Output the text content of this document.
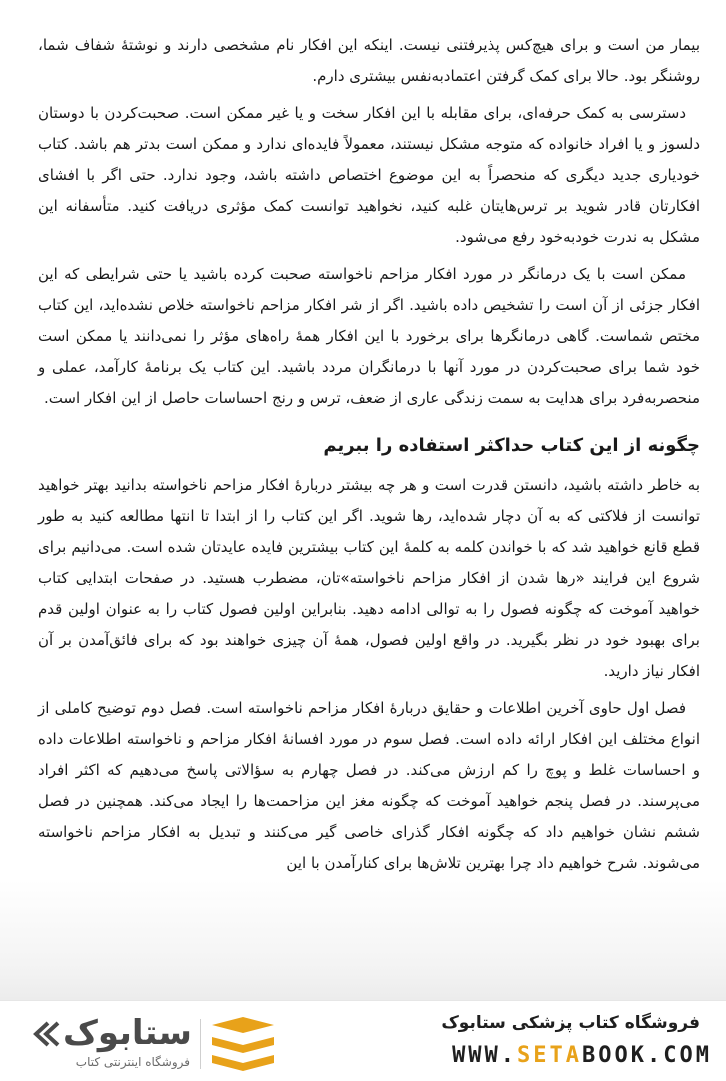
بیمار من است و برای هیچ‌کس پذیرفتنی نیست. اینکه این افکار نام مشخصی دارند و نوشتهٔ شفاف شما، روشنگر بود. حالا برای کمک گرفتن اعتمادبه‌نفس بیشتری دارم.

دسترسی به کمک حرفه‌ای، برای مقابله با این افکار سخت و یا غیر ممکن است. صحبت‌کردن با دوستان دلسوز و یا افراد خانواده که متوجه مشکل نیستند، معمولاً فایده‌ای ندارد و ممکن است بدتر هم باشد. کتاب خودیاری جدید دیگری که منحصراً به این موضوع اختصاص داشته باشد، وجود ندارد. حتی اگر با افشای افکارتان قادر شوید بر ترس‌هایتان غلبه کنید، نخواهید توانست کمک مؤثری دریافت کنید. متأسفانه این مشکل به ندرت خودبه‌خود رفع می‌شود.

ممکن است با یک درمانگر در مورد افکار مزاحم ناخواسته صحبت کرده باشید یا حتی شرایطی که این افکار جزئی از آن است را تشخیص داده باشید. اگر از شر افکار مزاحم ناخواسته خلاص نشده‌اید، این کتاب مختص شماست. گاهی درمانگرها برای برخورد با این افکار همهٔ راه‌های مؤثر را نمی‌دانند یا ممکن است خود شما برای صحبت‌کردن در مورد آنها با درمانگران مردد باشید. این کتاب یک برنامهٔ کارآمد، عملی و منحصربه‌فرد برای هدایت به سمت زندگی عاری از ضعف، ترس و رنج احساسات حاصل از این افکار است.

چگونه از این کتاب حداکثر استفاده را ببریم

به خاطر داشته باشید، دانستن قدرت است و هر چه بیشتر دربارهٔ افکار مزاحم ناخواسته بدانید بهتر خواهید توانست از فلاکتی که به آن دچار شده‌اید، رها شوید. اگر این کتاب را از ابتدا تا انتها مطالعه کنید به طور قطع قانع خواهید شد که با خواندن کلمه به کلمهٔ این کتاب بیشترین فایده عایدتان شده است. می‌دانیم برای شروع این فرایند «رها شدن از افکار مزاحم ناخواسته»تان، مضطرب هستید. در صفحات ابتدایی کتاب خواهید آموخت که چگونه فصول را به توالی ادامه دهید. بنابراین اولین فصول کتاب را به عنوان اولین قدم برای بهبود خود در نظر بگیرید. در واقع اولین فصول، همهٔ آن چیزی خواهند بود که برای فائق‌آمدن بر آن افکار نیاز دارید.

فصل اول حاوی آخرین اطلاعات و حقایق دربارهٔ افکار مزاحم ناخواسته است. فصل دوم توضیح کاملی از انواع مختلف این افکار ارائه داده است. فصل سوم در مورد افسانهٔ افکار مزاحم و ناخواسته اطلاعات داده و احساسات غلط و پوچ را کم ارزش می‌کند. در فصل چهارم به سؤالاتی پاسخ می‌دهیم که اکثر افراد می‌پرسند. در فصل پنجم خواهید آموخت که چگونه مغز این مزاحمت‌ها را ایجاد می‌کند. همچنین در فصل ششم نشان خواهیم داد که چگونه افکار گذرای خاصی گیر می‌کنند و تبدیل به افکار مزاحم ناخواسته می‌شوند. شرح خواهیم داد چرا بهترین تلاش‌ها برای کنارآمدن با این

ستابوک
فروشگاه اینترنتی کتاب
فروشگاه کتاب پزشکی ستابوک
WWW.SETABOOK.COM
